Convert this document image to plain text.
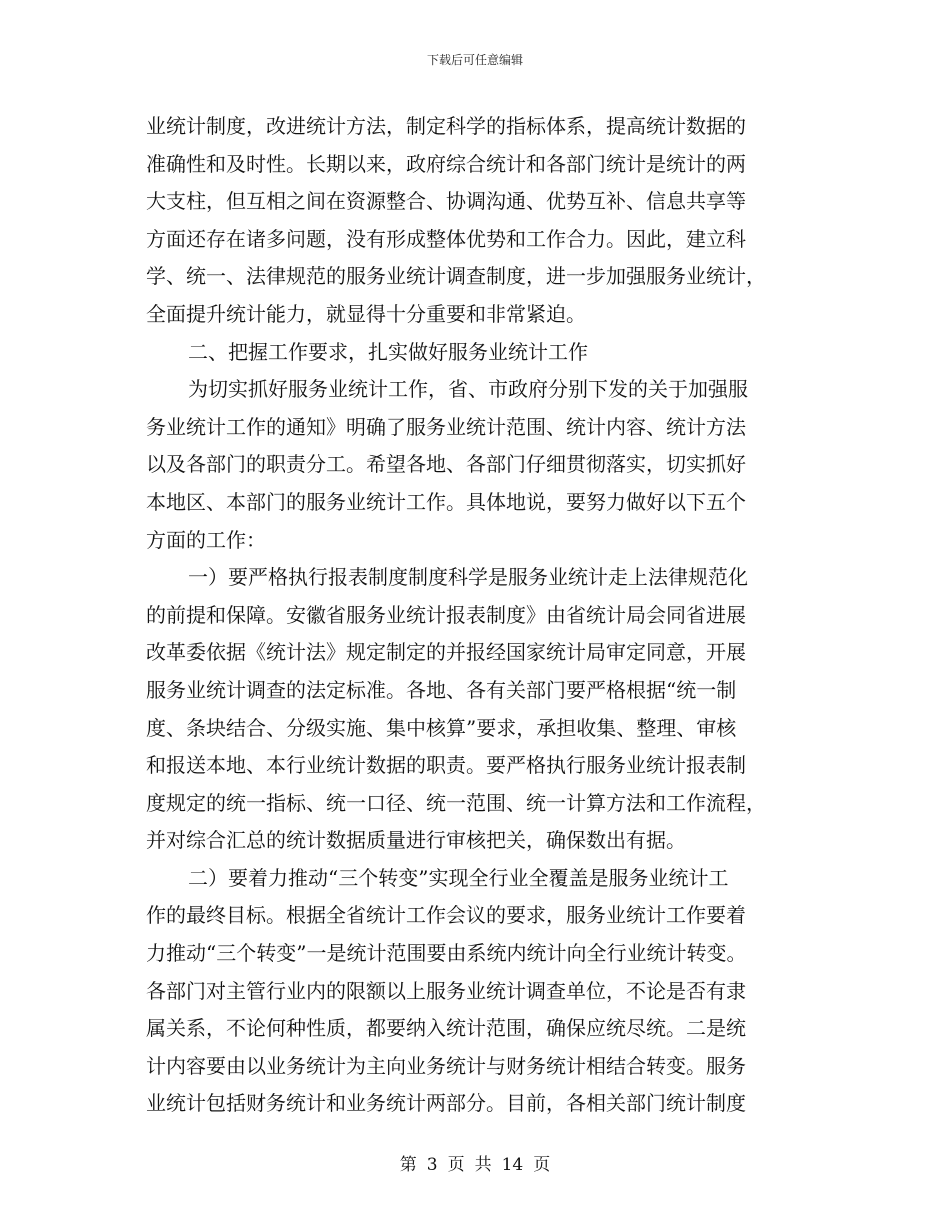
下载后可任意编辑
业统计制度，改进统计方法，制定科学的指标体系，提高统计数据的
准确性和及时性。长期以来，政府综合统计和各部门统计是统计的两
大支柱，但互相之间在资源整合、协调沟通、优势互补、信息共享等
方面还存在诸多问题，没有形成整体优势和工作合力。因此，建立科
学、统一、法律规范的服务业统计调查制度，进一步加强服务业统计，
全面提升统计能力，就显得十分重要和非常紧迫。
二、把握工作要求，扎实做好服务业统计工作
为切实抓好服务业统计工作，省、市政府分别下发的关于加强服
务业统计工作的通知》明确了服务业统计范围、统计内容、统计方法
以及各部门的职责分工。希望各地、各部门仔细贯彻落实，切实抓好
本地区、本部门的服务业统计工作。具体地说，要努力做好以下五个
方面的工作：
一）要严格执行报表制度制度科学是服务业统计走上法律规范化
的前提和保障。安徽省服务业统计报表制度》由省统计局会同省进展
改革委依据《统计法》规定制定的并报经国家统计局审定同意，开展
服务业统计调查的法定标准。各地、各有关部门要严格根据“统一制
度、条块结合、分级实施、集中核算”要求，承担收集、整理、审核
和报送本地、本行业统计数据的职责。要严格执行服务业统计报表制
度规定的统一指标、统一口径、统一范围、统一计算方法和工作流程，
并对综合汇总的统计数据质量进行审核把关，确保数出有据。
二）要着力推动“三个转变”实现全行业全覆盖是服务业统计工
作的最终目标。根据全省统计工作会议的要求，服务业统计工作要着
力推动“三个转变”一是统计范围要由系统内统计向全行业统计转变。
各部门对主管行业内的限额以上服务业统计调查单位，不论是否有隶
属关系，不论何种性质，都要纳入统计范围，确保应统尽统。二是统
计内容要由以业务统计为主向业务统计与财务统计相结合转变。服务
业统计包括财务统计和业务统计两部分。目前，各相关部门统计制度
第 3 页 共 14 页
